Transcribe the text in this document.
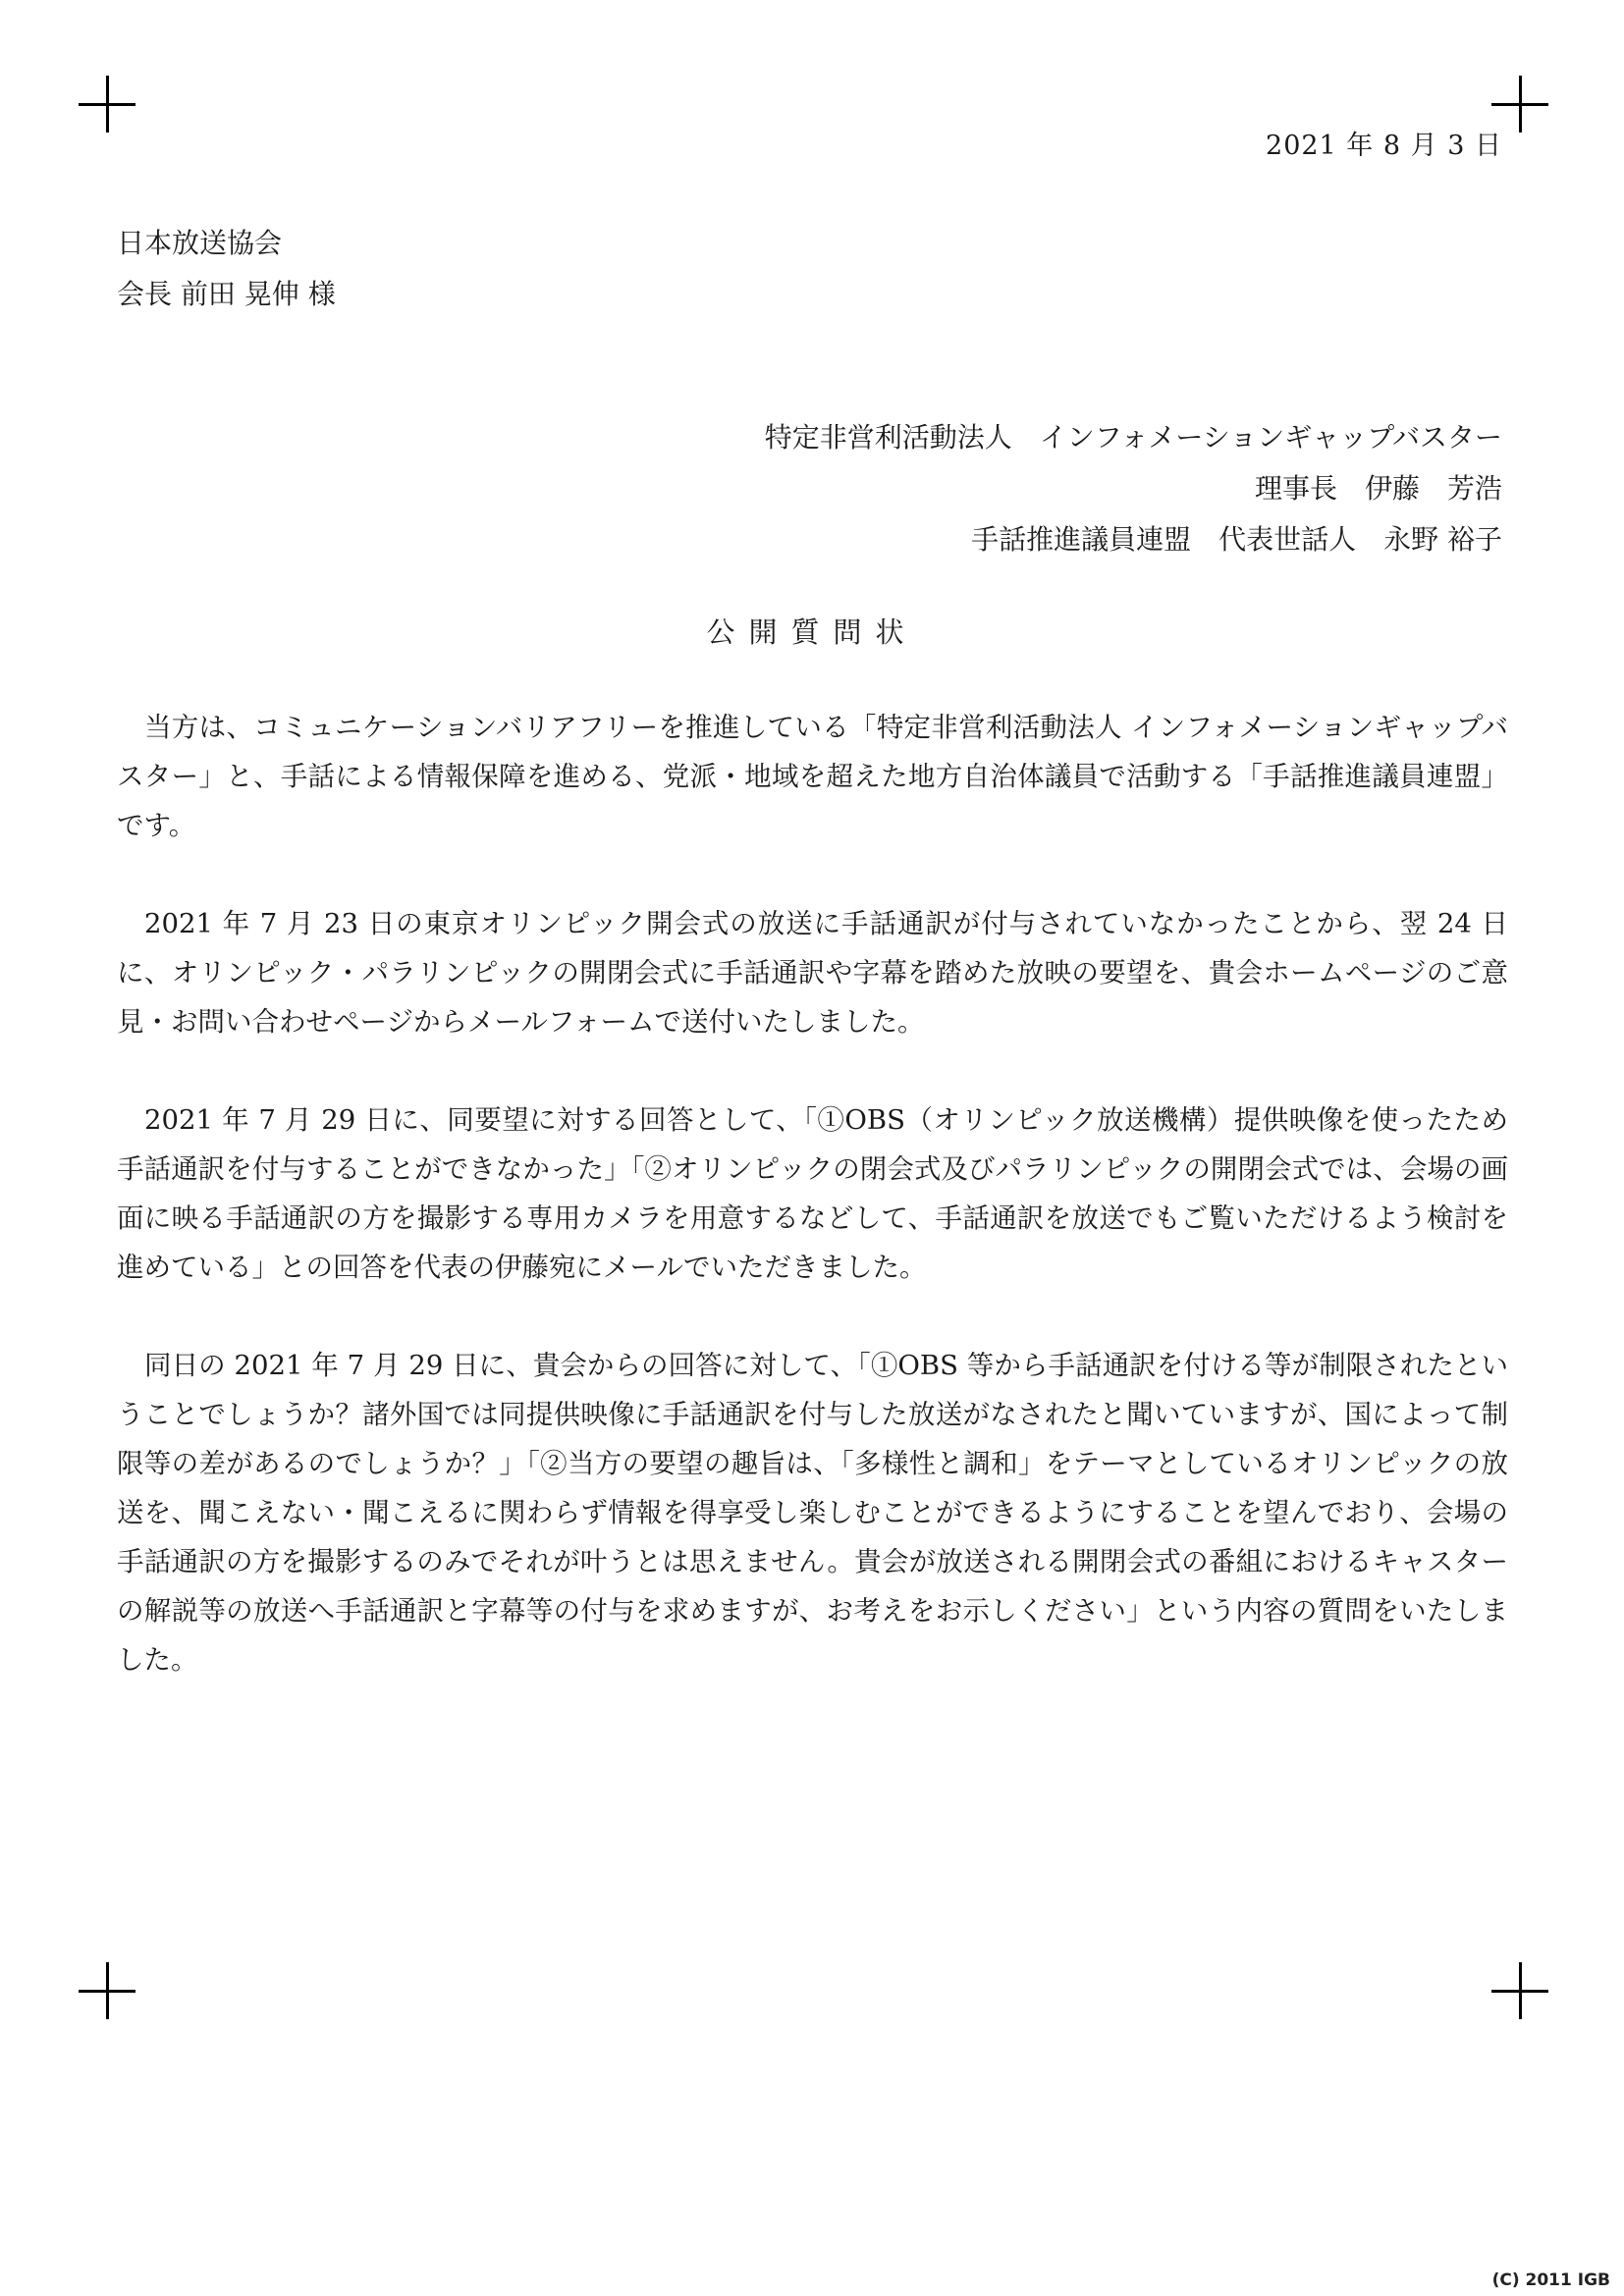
2021 年 8 月 3 日
日本放送協会
会長 前田 晃伸 様
特定非営利活動法人　インフォメーションギャップバスター
理事長　伊藤　芳浩
手話推進議員連盟　代表世話人　永野 裕子
公開質問状

当方は、コミュニケーションバリアフリーを推進している「特定非営利活動法人 インフォメーションギャップバスター」と、手話による情報保障を進める、党派・地域を超えた地方自治体議員で活動する「手話推進議員連盟」です。

2021 年 7 月 23 日の東京オリンピック開会式の放送に手話通訳が付与されていなかったことから、翌 24 日に、オリンピック・パラリンピックの開閉会式に手話通訳や字幕を踏めた放映の要望を、貴会ホームページのご意見・お問い合わせページからメールフォームで送付いたしました。

2021 年 7 月 29 日に、同要望に対する回答として、「①OBS（オリンピック放送機構）提供映像を使ったため手話通訳を付与することができなかった」「②オリンピックの閉会式及びパラリンピックの開閉会式では、会場の画面に映る手話通訳の方を撮影する専用カメラを用意するなどして、手話通訳を放送でもご覧いただけるよう検討を進めている」との回答を代表の伊藤宛にメールでいただきました。

同日の 2021 年 7 月 29 日に、貴会からの回答に対して、「①OBS 等から手話通訳を付ける等が制限されたということでしょうか？諸外国では同提供映像に手話通訳を付与した放送がなされたと聞いていますが、国によって制限等の差があるのでしょうか？」「②当方の要望の趣旨は、「多様性と調和」をテーマとしているオリンピックの放送を、聞こえない・聞こえるに関わらず情報を得享受し楽しむことができるようにすることを望んでおり、会場の手話通訳の方を撮影するのみでそれが叶うとは思えません。貴会が放送される開閉会式の番組におけるキャスターの解説等の放送へ手話通訳と字幕等の付与を求めますが、お考えをお示しください」という内容の質問をいたしました。

(C) 2011 IGB
